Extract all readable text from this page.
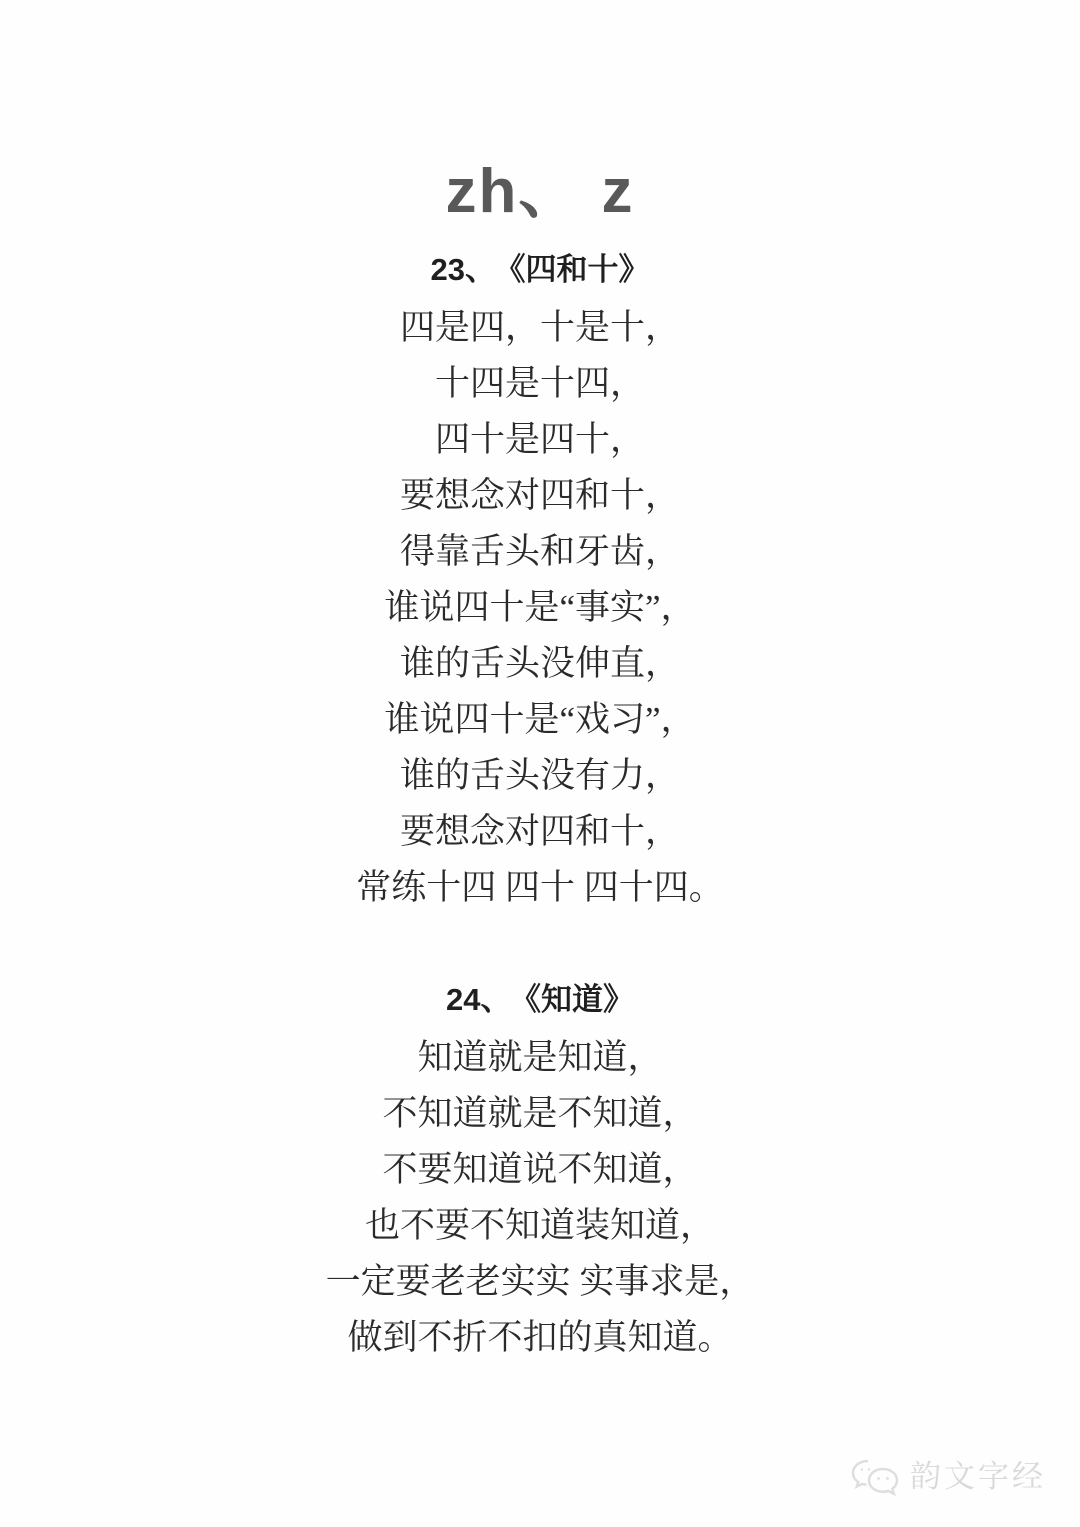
zh、 z
23、 《四和十》
四是四，十是十，
十四是十四，
四十是四十，
要想念对四和十，
得靠舌头和牙齿，
谁说四十是“事实”，
谁的舌头没伸直，
谁说四十是“戏习”，
谁的舌头没有力，
要想念对四和十，
常练十四 四十 四十四。
24、 《知道》
知道就是知道，
不知道就是不知道，
不要知道说不知道，
也不要不知道装知道，
一定要老老实实 实事求是，
做到不折不扣的真知道。
韵文字经
